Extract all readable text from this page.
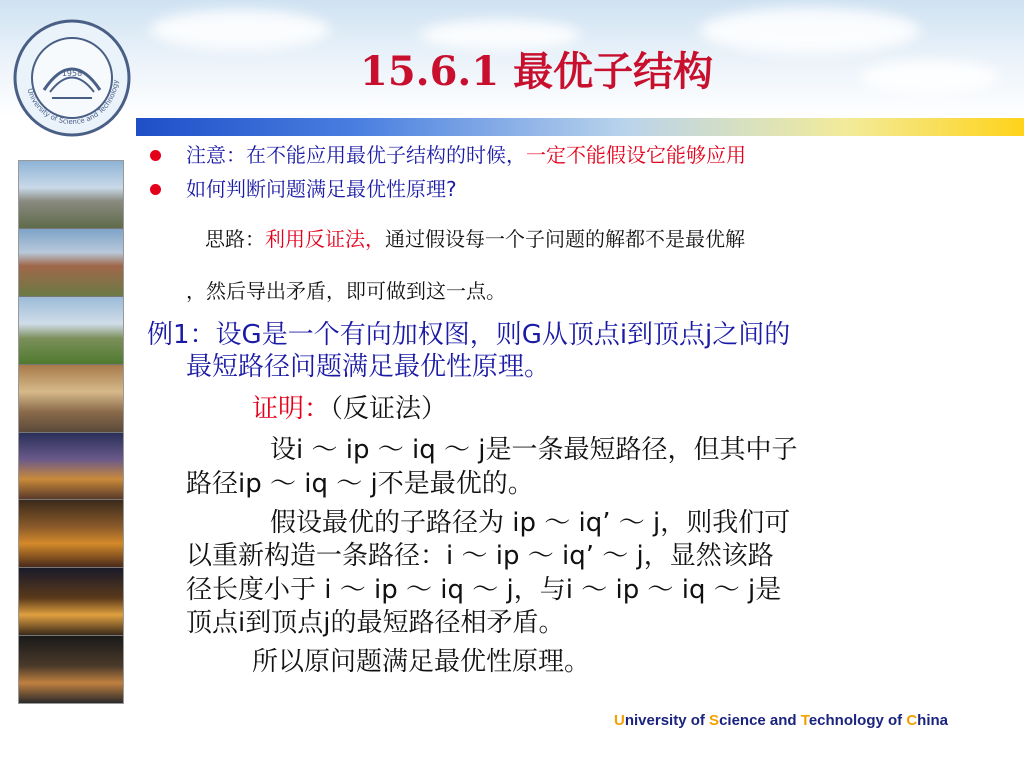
1958
University of Science and Technology	15.6.1 最优子结构
注意：在不能应用最优子结构的时候，一定不能假设它能够应用
如何判断问题满足最优性原理?
思路：利用反证法，通过假设每一个子问题的解都不是最优解
，然后导出矛盾，即可做到这一点。
例1：设G是一个有向加权图，则G从顶点i到顶点j之间的
最短路径问题满足最优性原理。
证明：（反证法）
设i ～ ip ～ iq ～ j是一条最短路径，但其中子
路径ip ～ iq ～ j不是最优的。
假设最优的子路径为 ip ～ iq’ ～ j，则我们可
以重新构造一条路径：i ～ ip ～ iq’ ～ j，显然该路
径长度小于 i ～ ip ～ iq ～ j，与i ～ ip ～ iq ～ j是
顶点i到顶点j的最短路径相矛盾。
所以原问题满足最优性原理。
University of Science and Technology of China
